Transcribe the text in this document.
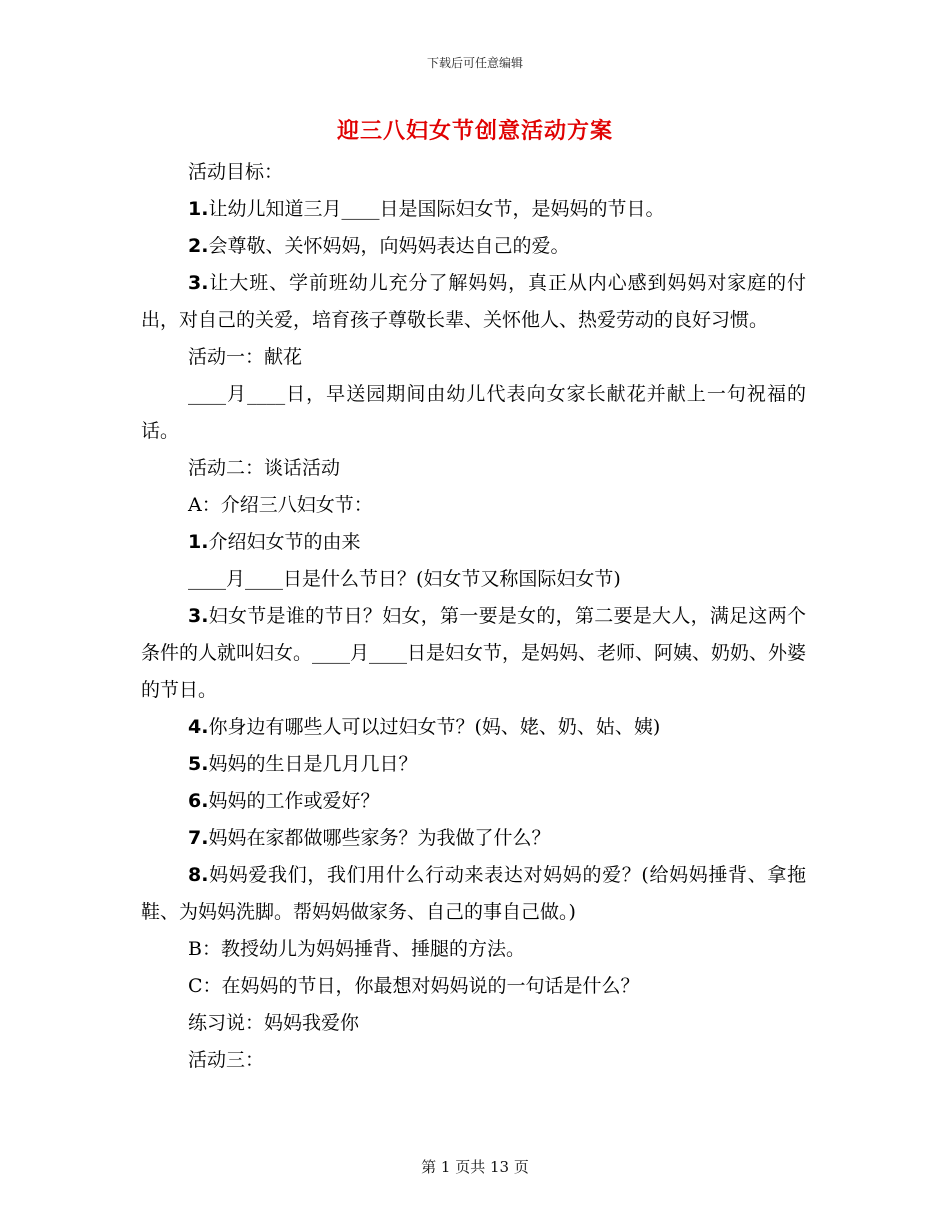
下载后可任意编辑
迎三八妇女节创意活动方案

活动目标：

1.让幼儿知道三月____日是国际妇女节，是妈妈的节日。

2.会尊敬、关怀妈妈，向妈妈表达自己的爱。

3.让大班、学前班幼儿充分了解妈妈，真正从内心感到妈妈对家庭的付出，对自己的关爱，培育孩子尊敬长辈、关怀他人、热爱劳动的良好习惯。

活动一：献花

____月____日，早送园期间由幼儿代表向女家长献花并献上一句祝福的话。

活动二：谈话活动

A：介绍三八妇女节：

1.介绍妇女节的由来

____月____日是什么节日？(妇女节又称国际妇女节)

3.妇女节是谁的节日？妇女，第一要是女的，第二要是大人，满足这两个条件的人就叫妇女。____月____日是妇女节，是妈妈、老师、阿姨、奶奶、外婆的节日。

4.你身边有哪些人可以过妇女节？(妈、姥、奶、姑、姨)

5.妈妈的生日是几月几日？

6.妈妈的工作或爱好？

7.妈妈在家都做哪些家务？为我做了什么？

8.妈妈爱我们，我们用什么行动来表达对妈妈的爱？(给妈妈捶背、拿拖鞋、为妈妈洗脚。帮妈妈做家务、自己的事自己做。)

B：教授幼儿为妈妈捶背、捶腿的方法。

C：在妈妈的节日，你最想对妈妈说的一句话是什么？

练习说：妈妈我爱你

活动三：

第 1 页共 13 页
